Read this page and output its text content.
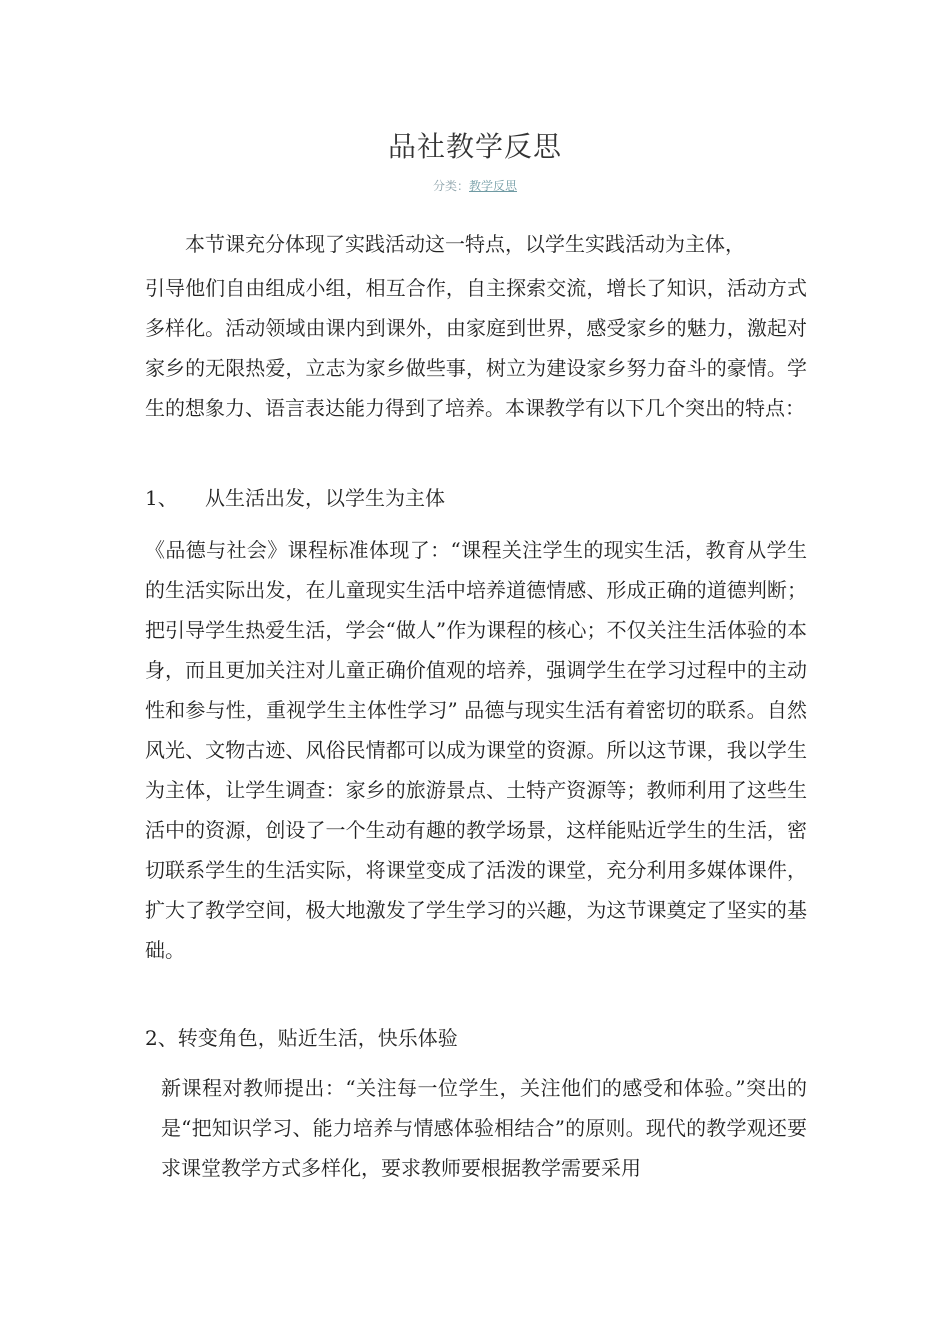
品社教学反思
分类：教学反思

本节课充分体现了实践活动这一特点，以学生实践活动为主体，

引导他们自由组成小组，相互合作，自主探索交流，增长了知识，活动方式多样化。活动领域由课内到课外，由家庭到世界，感受家乡的魅力，激起对家乡的无限热爱，立志为家乡做些事，树立为建设家乡努力奋斗的豪情。学生的想象力、语言表达能力得到了培养。本课教学有以下几个突出的特点：

1、 从生活出发，以学生为主体

《品德与社会》课程标准体现了：“课程关注学生的现实生活，教育从学生的生活实际出发，在儿童现实生活中培养道德情感、形成正确的道德判断；把引导学生热爱生活，学会“做人”作为课程的核心；不仅关注生活体验的本身，而且更加关注对儿童正确价值观的培养，强调学生在学习过程中的主动性和参与性，重视学生主体性学习” 品德与现实生活有着密切的联系。自然风光、文物古迹、风俗民情都可以成为课堂的资源。所以这节课，我以学生为主体，让学生调查：家乡的旅游景点、土特产资源等；教师利用了这些生活中的资源，创设了一个生动有趣的教学场景，这样能贴近学生的生活，密切联系学生的生活实际，将课堂变成了活泼的课堂，充分利用多媒体课件，扩大了教学空间，极大地激发了学生学习的兴趣，为这节课奠定了坚实的基础。

2、转变角色，贴近生活，快乐体验

新课程对教师提出：“关注每一位学生，关注他们的感受和体验。”突出的是“把知识学习、能力培养与情感体验相结合”的原则。现代的教学观还要求课堂教学方式多样化，要求教师要根据教学需要采用
